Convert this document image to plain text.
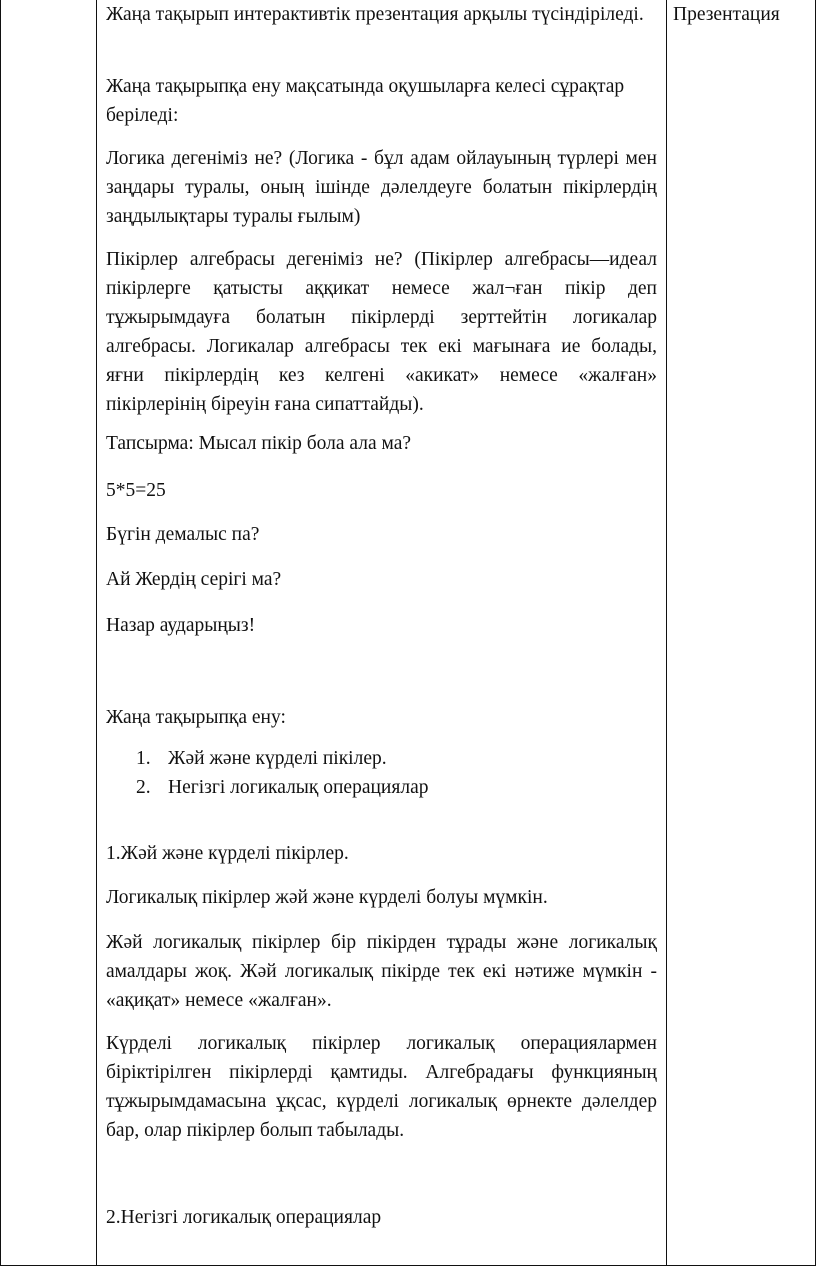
Жаңа тақырып интерактивтік презентация арқылы түсіндіріледі.

Жаңа тақырыпқа ену мақсатында оқушыларға келесі сұрақтар беріледі:

Логика дегеніміз не? (Логика - бұл адам ойлауының түрлері мен заңдары туралы, оның ішінде дәлелдеуге болатын пікірлердің заңдылықтары туралы ғылым)

Пікірлер алгебрасы дегеніміз не? (Пікірлер алгебрасы—идеал пікірлерге қатысты аққикат немесе жал¬ған пікір деп тұжырымдауға болатын пікірлерді зерттейтін логикалар алгебрасы. Логикалар алгебрасы тек екі мағынаға ие болады, яғни пікірлердің кез келгені «акикат» немесе «жалған» пікірлерінің біреуін ғана сипаттайды).

Тапсырма: Мысал пікір бола ала ма?

5*5=25

Бүгін демалыс па?

Ай Жердің серігі ма?

Назар аударыңыз!

Жаңа тақырыпқа ену:

1. Жәй және күрделі пікілер.
2. Негізгі логикалық операциялар

1.Жәй және күрделі пікірлер.

Логикалық пікірлер жәй және күрделі болуы мүмкін.

Жәй логикалық пікірлер бір пікірден тұрады және логикалық амалдары жоқ. Жәй логикалық пікірде тек екі нәтиже мүмкін - «ақиқат» немесе «жалған».

Күрделі логикалық пікірлер логикалық операциялармен біріктірілген пікірлерді қамтиды. Алгебрадағы функцияның тұжырымдамасына ұқсас, күрделі логикалық өрнекте дәлелдер бар, олар пікірлер болып табылады.

2.Негізгі логикалық операциялар

Презентация
